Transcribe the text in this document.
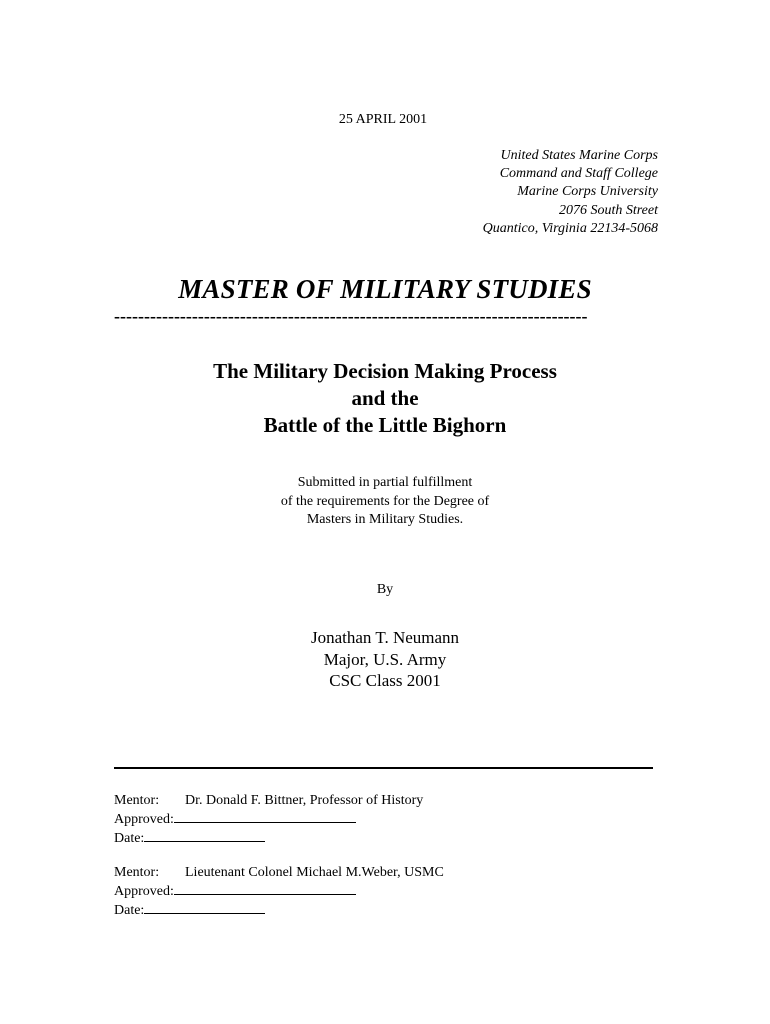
25 APRIL 2001
United States Marine Corps
Command and Staff College
Marine Corps University
2076 South Street
Quantico, Virginia 22134-5068
MASTER OF MILITARY STUDIES
-------------------------------------------------------------------------------
The Military Decision Making Process
and the
Battle of the Little Bighorn
Submitted in partial fulfillment
of the requirements for the Degree of
Masters in Military Studies.
By
Jonathan T. Neumann
Major, U.S. Army
CSC Class 2001
Mentor: Dr. Donald F. Bittner, Professor of History
Approved:
Date:
Mentor: Lieutenant Colonel Michael M.Weber, USMC
Approved:
Date:
